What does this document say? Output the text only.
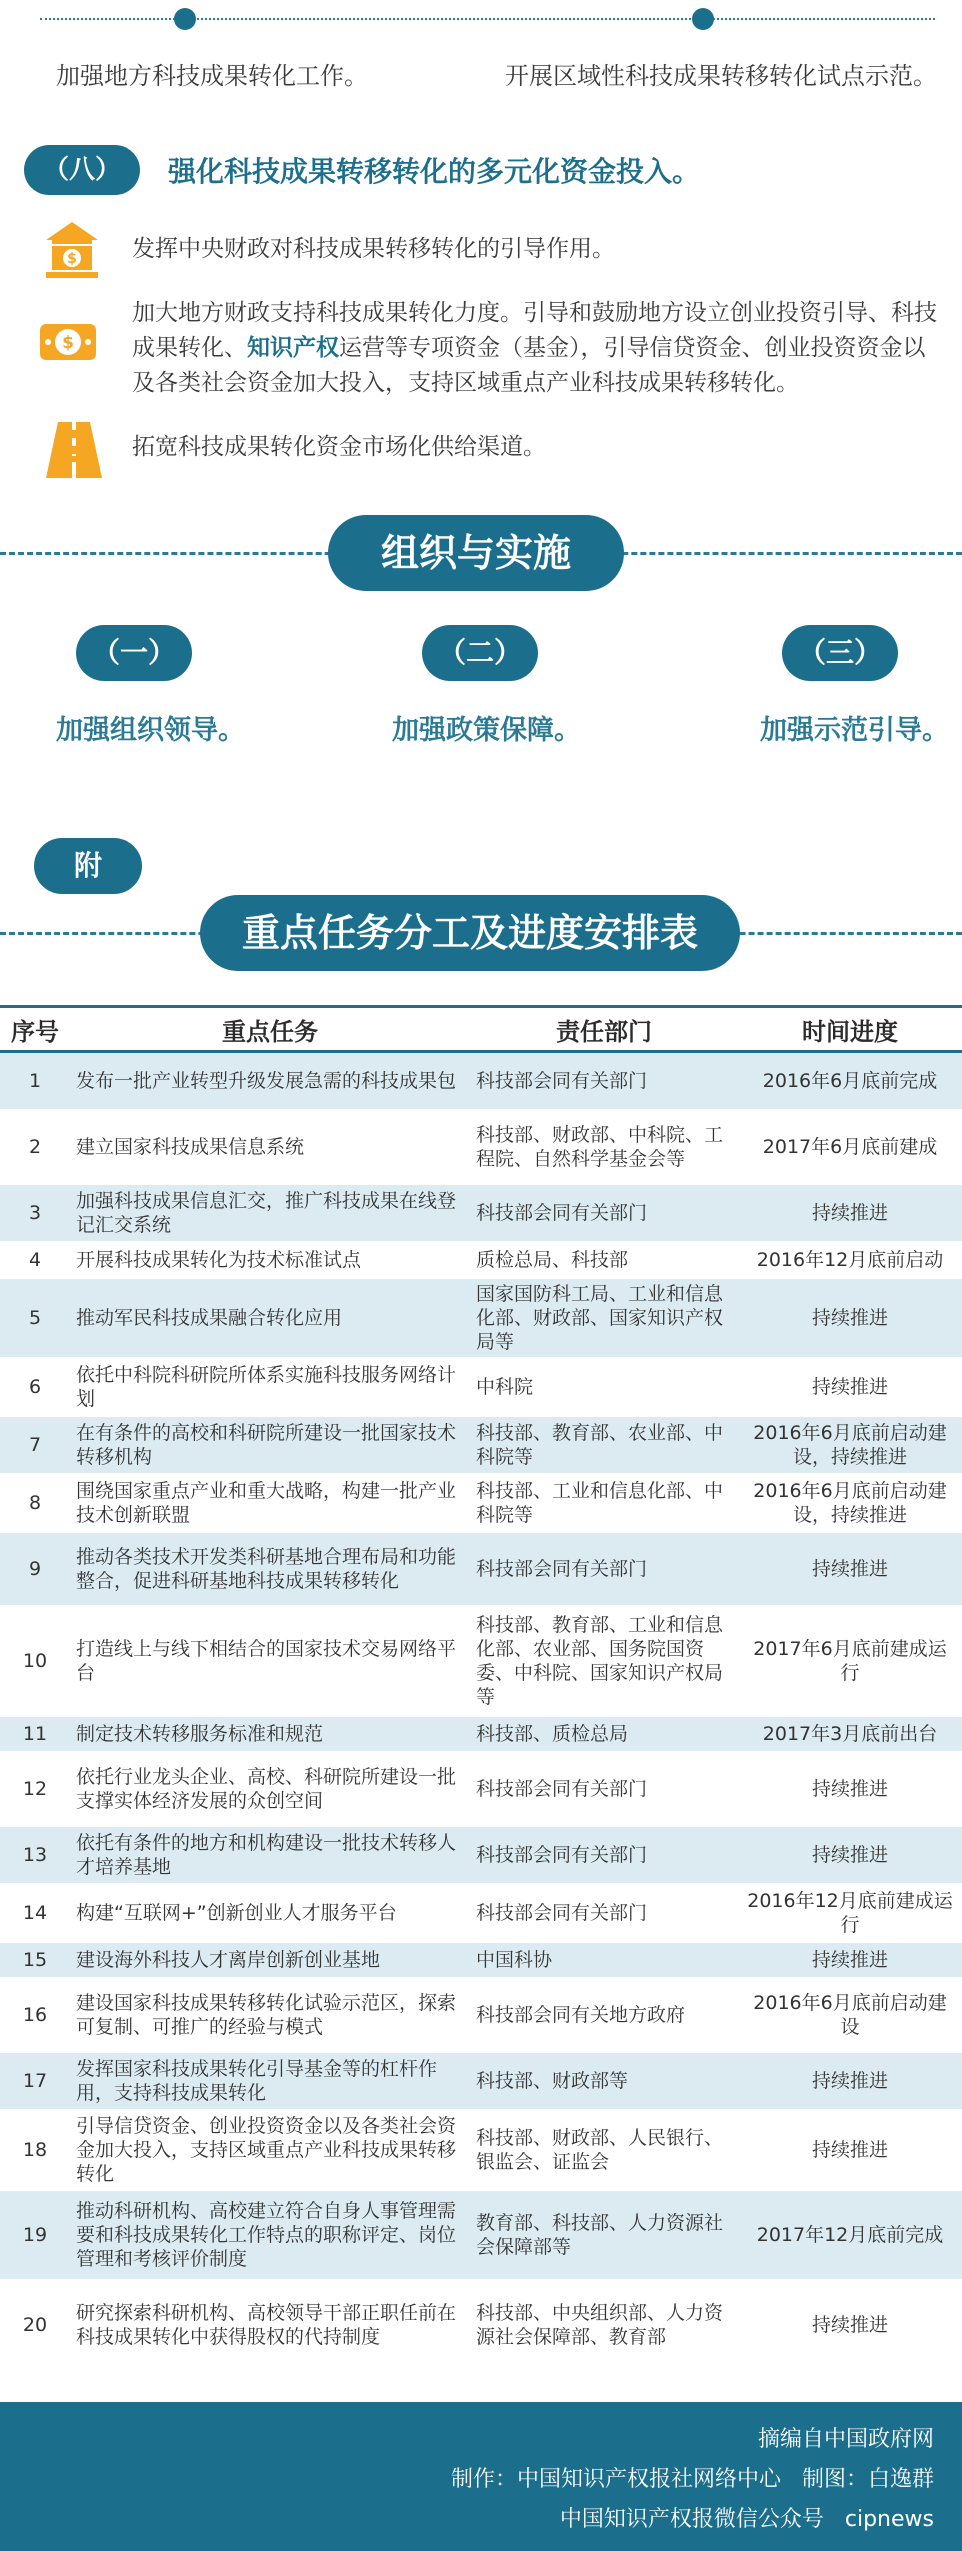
加强地方科技成果转化工作。	开展区域性科技成果转移转化试点示范。
（八）	强化科技成果转移转化的多元化资金投入。
$ 发挥中央财政对科技成果转移转化的引导作用。
$
加大地方财政支持科技成果转化力度。引导和鼓励地方设立创业投资引导、科技成果转化、知识产权运营等专项资金（基金），引导信贷资金、创业投资资金以及各类社会资金加大投入，支持区域重点产业科技成果转移转化。
拓宽科技成果转化资金市场化供给渠道。
组织与实施
（一）	（二）	（三）
加强组织领导。	加强政策保障。	加强示范引导。
附
重点任务分工及进度安排表
序号	重点任务	责任部门	时间进度
1	发布一批产业转型升级发展急需的科技成果包	科技部会同有关部门	2016年6月底前完成
2	建立国家科技成果信息系统	科技部、财政部、中科院、工程院、自然科学基金会等	2017年6月底前建成
3	加强科技成果信息汇交，推广科技成果在线登记汇交系统	科技部会同有关部门	持续推进
4	开展科技成果转化为技术标准试点	质检总局、科技部	2016年12月底前启动
5	推动军民科技成果融合转化应用	国家国防科工局、工业和信息化部、财政部、国家知识产权局等	持续推进
6	依托中科院科研院所体系实施科技服务网络计划	中科院	持续推进
7	在有条件的高校和科研院所建设一批国家技术转移机构	科技部、教育部、农业部、中科院等	2016年6月底前启动建设，持续推进
8	围绕国家重点产业和重大战略，构建一批产业技术创新联盟	科技部、工业和信息化部、中科院等	2016年6月底前启动建设，持续推进
9	推动各类技术开发类科研基地合理布局和功能整合，促进科研基地科技成果转移转化	科技部会同有关部门	持续推进
10	打造线上与线下相结合的国家技术交易网络平台	科技部、教育部、工业和信息化部、农业部、国务院国资委、中科院、国家知识产权局等	2017年6月底前建成运行
11	制定技术转移服务标准和规范	科技部、质检总局	2017年3月底前出台
12	依托行业龙头企业、高校、科研院所建设一批支撑实体经济发展的众创空间	科技部会同有关部门	持续推进
13	依托有条件的地方和机构建设一批技术转移人才培养基地	科技部会同有关部门	持续推进
14	构建“互联网+”创新创业人才服务平台	科技部会同有关部门	2016年12月底前建成运行
15	建设海外科技人才离岸创新创业基地	中国科协	持续推进
16	建设国家科技成果转移转化试验示范区，探索可复制、可推广的经验与模式	科技部会同有关地方政府	2016年6月底前启动建设
17	发挥国家科技成果转化引导基金等的杠杆作用，支持科技成果转化	科技部、财政部等	持续推进
18	引导信贷资金、创业投资资金以及各类社会资金加大投入，支持区域重点产业科技成果转移转化	科技部、财政部、人民银行、银监会、证监会	持续推进
19	推动科研机构、高校建立符合自身人事管理需要和科技成果转化工作特点的职称评定、岗位管理和考核评价制度	教育部、科技部、人力资源社会保障部等	2017年12月底前完成
20	研究探索科研机构、高校领导干部正职任前在科技成果转化中获得股权的代持制度	科技部、中央组织部、人力资源社会保障部、教育部	持续推进
摘编自中国政府网
制作：中国知识产权报社网络中心   制图：白逸群
中国知识产权报微信公众号   cipnews
